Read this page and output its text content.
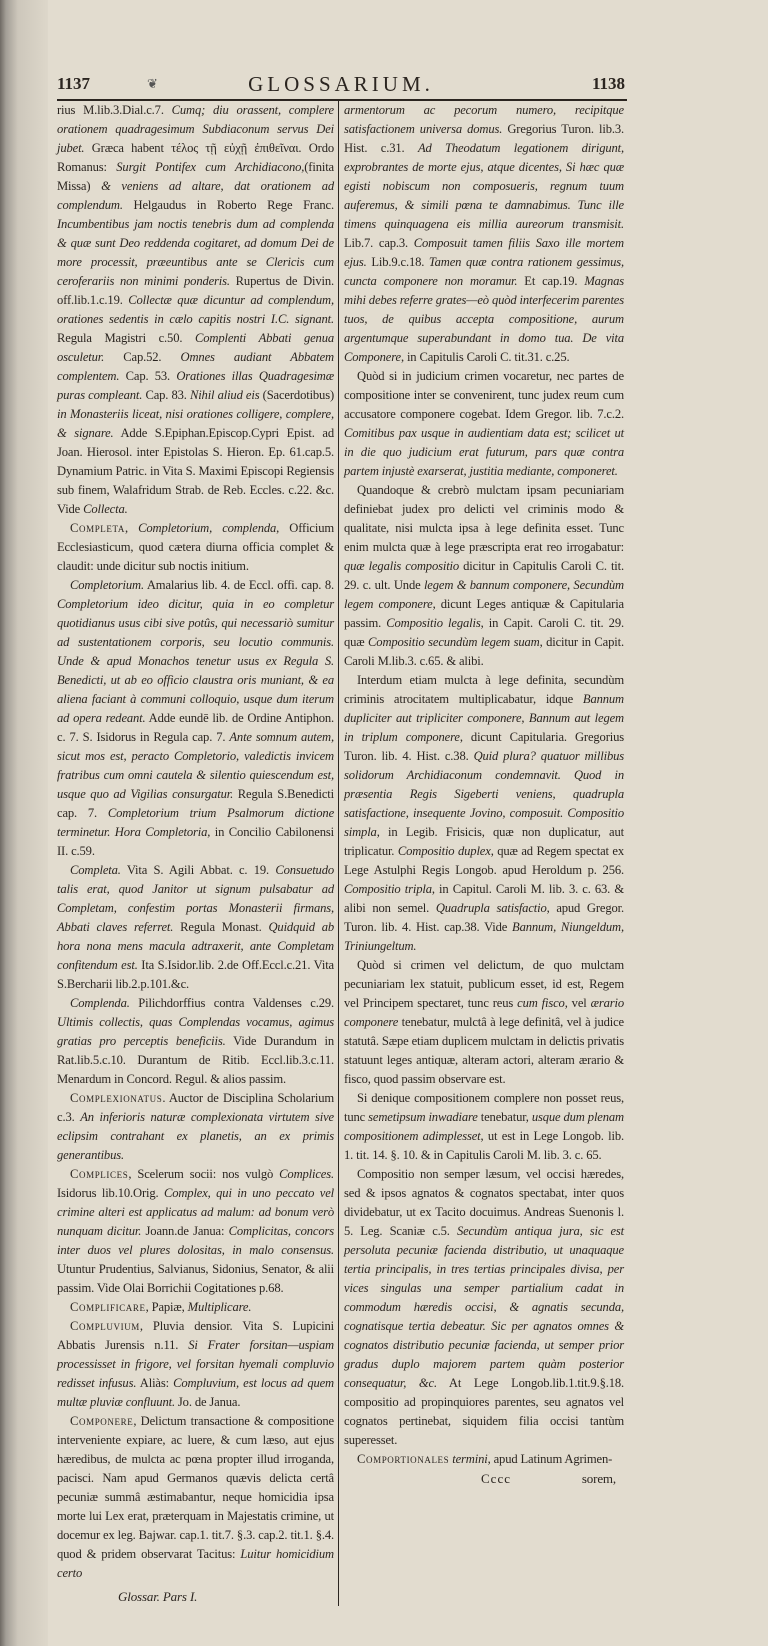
1137	❦	GLOSSARIUM.	1138

rius M.lib.3.Dial.c.7. Cumq; diu orassent, complere orationem quadragesimum Subdiaconum servus Dei jubet. Græca habent τέλος τῇ εὐχῇ ἐπιθεῖναι. Ordo Romanus: Surgit Pontifex cum Archidiacono,(finita Missa) & veniens ad altare, dat orationem ad complendum. Helgaudus in Roberto Rege Franc. Incumbentibus jam noctis tenebris dum ad complenda & quæ sunt Deo reddenda cogitaret, ad domum Dei de more processit, præeuntibus ante se Clericis cum ceroferariis non minimi ponderis. Rupertus de Divin. off.lib.1.c.19. Collectæ quæ dicuntur ad complendum, orationes sedentis in cælo capitis nostri I.C. signant. Regula Magistri c.50. Complenti Abbati genua osculetur. Cap.52. Omnes audiant Abbatem complentem. Cap. 53. Orationes illas Quadragesimæ puras compleant. Cap. 83. Nihil aliud eis (Sacerdotibus) in Monasteriis liceat, nisi orationes colligere, complere, & signare. Adde S.Epiphan.Episcop.Cypri Epist. ad Joan. Hierosol. inter Epistolas S. Hieron. Ep. 61.cap.5. Dynamium Patric. in Vita S. Maximi Episcopi Regiensis sub finem, Walafridum Strab. de Reb. Eccles. c.22. &c. Vide Collecta.

Completa, Completorium, complenda, Officium Ecclesiasticum, quod cætera diurna officia complet & claudit: unde dicitur sub noctis initium.

Completorium. Amalarius lib. 4. de Eccl. offi. cap. 8. Completorium ideo dicitur, quia in eo completur quotidianus usus cibi sive potûs, qui necessariò sumitur ad sustentationem corporis, seu locutio communis. Unde & apud Monachos tenetur usus ex Regula S. Benedicti, ut ab eo officio claustra oris muniant, & ea aliena faciant à communi colloquio, usque dum iterum ad opera redeant. Adde eundē lib. de Ordine Antiphon. c. 7. S. Isidorus in Regula cap. 7. Ante somnum autem, sicut mos est, peracto Completorio, valedictis invicem fratribus cum omni cautela & silentio quiescendum est, usque quo ad Vigilias consurgatur. Regula S.Benedicti cap. 7. Completorium trium Psalmorum dictione terminetur. Hora Completoria, in Concilio Cabilonensi II. c.59.

Completa. Vita S. Agili Abbat. c. 19. Consuetudo talis erat, quod Janitor ut signum pulsabatur ad Completam, confestim portas Monasterii firmans, Abbati claves referret. Regula Monast. Quidquid ab hora nona mens macula adtraxerit, ante Completam confitendum est. Ita S.Isidor.lib. 2.de Off.Eccl.c.21. Vita S.Bercharii lib.2.p.101.&c.

Complenda. Pilichdorffius contra Valdenses c.29. Ultimis collectis, quas Complendas vocamus, agimus gratias pro perceptis beneficiis. Vide Durandum in Rat.lib.5.c.10. Durantum de Ritib. Eccl.lib.3.c.11. Menardum in Concord. Regul. & alios passim.

Complexionatus. Auctor de Disciplina Scholarium c.3. An inferioris naturæ complexionata virtutem sive eclipsim contrahant ex planetis, an ex primis generantibus.

Complices, Scelerum socii: nos vulgò Complices. Isidorus lib.10.Orig. Complex, qui in uno peccato vel crimine alteri est applicatus ad malum: ad bonum verò nunquam dicitur. Joann.de Janua: Complicitas, concors inter duos vel plures dolositas, in malo consensus. Utuntur Prudentius, Salvianus, Sidonius, Senator, & alii passim. Vide Olai Borrichii Cogitationes p.68.

Complificare, Papiæ, Multiplicare.

Compluvium, Pluvia densior. Vita S. Lupicini Abbatis Jurensis n.11. Si Frater forsitan—uspiam processisset in frigore, vel forsitan hyemali compluvio redisset infusus. Aliàs: Compluvium, est locus ad quem multæ pluviæ confluunt. Jo. de Janua.

Componere, Delictum transactione & compositione interveniente expiare, ac luere, & cum læso, aut ejus hæredibus, de mulcta ac pœna propter illud irroganda, pacisci. Nam apud Germanos quævis delicta certâ pecuniæ summâ æstimabantur, neque homicidia ipsa morte lui Lex erat, præterquam in Majestatis crimine, ut docemur ex leg. Bajwar. cap.1. tit.7. §.3. cap.2. tit.1. §.4. quod & pridem observarat Tacitus: Luitur homicidium certo

Glossar. Pars I.

armentorum ac pecorum numero, recipitque satisfactionem universa domus. Gregorius Turon. lib.3. Hist. c.31. Ad Theodatum legationem dirigunt, exprobrantes de morte ejus, atque dicentes, Si hæc quæ egisti nobiscum non composueris, regnum tuum auferemus, & simili pœna te damnabimus. Tunc ille timens quinquagena eis millia aureorum transmisit. Lib.7. cap.3. Composuit tamen filiis Saxo ille mortem ejus. Lib.9.c.18. Tamen quæ contra rationem gessimus, cuncta componere non moramur. Et cap.19. Magnas mihi debes referre grates—eò quòd interfecerim parentes tuos, de quibus accepta compositione, aurum argentumque superabundant in domo tua. De vita Componere, in Capitulis Caroli C. tit.31. c.25.

Quòd si in judicium crimen vocaretur, nec partes de compositione inter se convenirent, tunc judex reum cum accusatore componere cogebat. Idem Gregor. lib. 7.c.2. Comitibus pax usque in audientiam data est; scilicet ut in die quo judicium erat futurum, pars quæ contra partem injustè exarserat, justitia mediante, componeret.

Quandoque & crebrò mulctam ipsam pecuniariam definiebat judex pro delicti vel criminis modo & qualitate, nisi mulcta ipsa à lege definita esset. Tunc enim mulcta quæ à lege præscripta erat reo irrogabatur: quæ legalis compositio dicitur in Capitulis Caroli C. tit. 29. c. ult. Unde legem & bannum componere, Secundùm legem componere, dicunt Leges antiquæ & Capitularia passim. Compositio legalis, in Capit. Caroli C. tit. 29. quæ Compositio secundùm legem suam, dicitur in Capit. Caroli M.lib.3. c.65. & alibi.

Interdum etiam mulcta à lege definita, secundùm criminis atrocitatem multiplicabatur, idque Bannum dupliciter aut tripliciter componere, Bannum aut legem in triplum componere, dicunt Capitularia. Gregorius Turon. lib. 4. Hist. c.38. Quid plura? quatuor millibus solidorum Archidiaconum condemnavit. Quod in præsentia Regis Sigeberti veniens, quadrupla satisfactione, insequente Jovino, composuit. Compositio simpla, in Legib. Frisicis, quæ non duplicatur, aut triplicatur. Compositio duplex, quæ ad Regem spectat ex Lege Astulphi Regis Longob. apud Heroldum p. 256. Compositio tripla, in Capitul. Caroli M. lib. 3. c. 63. & alibi non semel. Quadrupla satisfactio, apud Gregor. Turon. lib. 4. Hist. cap.38. Vide Bannum, Niungeldum, Triniungeltum.

Quòd si crimen vel delictum, de quo mulctam pecuniariam lex statuit, publicum esset, id est, Regem vel Principem spectaret, tunc reus cum fisco, vel ærario componere tenebatur, mulctâ à lege definitâ, vel à judice statutâ. Sæpe etiam duplicem mulctam in delictis privatis statuunt leges antiquæ, alteram actori, alteram ærario & fisco, quod passim observare est.

Si denique compositionem complere non posset reus, tunc semetipsum inwadiare tenebatur, usque dum plenam compositionem adimplesset, ut est in Lege Longob. lib. 1. tit. 14. §. 10. & in Capitulis Caroli M. lib. 3. c. 65.

Compositio non semper læsum, vel occisi hæredes, sed & ipsos agnatos & cognatos spectabat, inter quos dividebatur, ut ex Tacito docuimus. Andreas Suenonis l. 5. Leg. Scaniæ c.5. Secundùm antiqua jura, sic est persoluta pecuniæ facienda distributio, ut unaquaque tertia principalis, in tres tertias principales divisa, per vices singulas una semper partialium cadat in commodum hæredis occisi, & agnatis secunda, cognatisque tertia debeatur. Sic per agnatos omnes & cognatos distributio pecuniæ facienda, ut semper prior gradus duplo majorem partem quàm posterior consequatur, &c. At Lege Longob.lib.1.tit.9.§.18. compositio ad propinquiores parentes, seu agnatos vel cognatos pertinebat, siquidem filia occisi tantùm superesset.

Comportionales termini, apud Latinum Agrimen-

Cccc	sorem,
